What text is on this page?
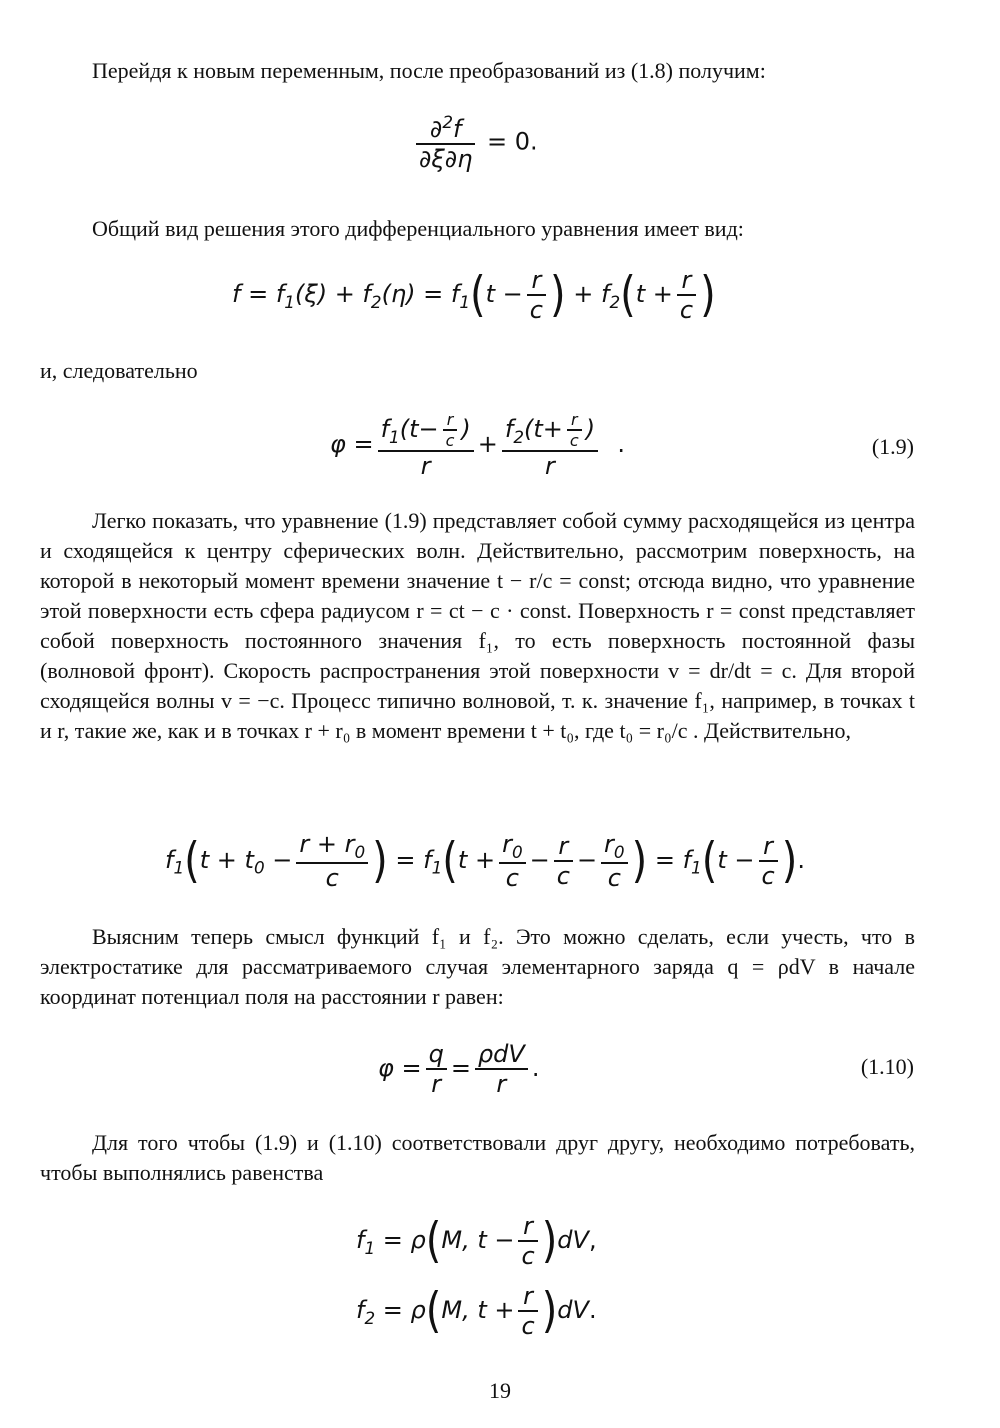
Перейдя к новым переменным, после преобразований из (1.8) получим:

$\frac{\partial^2f}{\partial\xi\partial\eta} = 0$.

Общий вид решения этого дифференциального уравнения имеет вид:

$f = f_1(\xi) + f_2(\eta) = f_1(t - \frac{r}{c}$ ) + $f_2(t + \frac{r}{c}$ )

и, следовательно

$\varphi = \frac{f_1(t- \frac{r}{c} )}{r} + \frac{f_2(t+ \frac{r}{c} )}{r}$ .	(1.9)

Легко показать, что уравнение (1.9) представляет собой сумму расходящейся из центра и сходящейся к центру сферических волн. Действительно, рассмотрим поверхность, на которой в некоторый момент времени значение t − r/c = const; отсюда видно, что уравнение этой поверхности есть сфера радиусом r = ct − c · const. Поверхность r = const представляет собой поверхность постоянного значения f₁, то есть поверхность постоянной фазы (волновой фронт). Скорость распространения этой поверхности v = dr/dt = c. Для второй сходящейся волны v = −c. Процесс типично волновой, т. к. значение f₁, например, в точках t и r, такие же, как и в точках r + r₀ в момент времени t + t₀, где t₀ = r₀/c . Действительно,

$f_1(t + t_0 - \frac{r + r_0}{c}$ ) = $f_1(t + \frac{r_0}{c} - \frac{r}{c} - \frac{r_0}{c}$ ) = $f_1(t - \frac{r}{c}$ ).

Выясним теперь смысл функций f₁ и f₂. Это можно сделать, если учесть, что в электростатике для рассматриваемого случая элементарного заряда q = ρdV в начале координат потенциал поля на расстоянии r равен:

$\varphi = \frac{q}{r} = \frac{\text{ρdV}}{r}$ .	(1.10)

Для того чтобы (1.9) и (1.10) соответствовали друг другу, необходимо потребовать, чтобы выполнялись равенства

$f_1 = \rho(M$, $t - \frac{r}{c} )dV$,
$f_2 = \rho(M$, $t + \frac{r}{c} )dV$.
19
